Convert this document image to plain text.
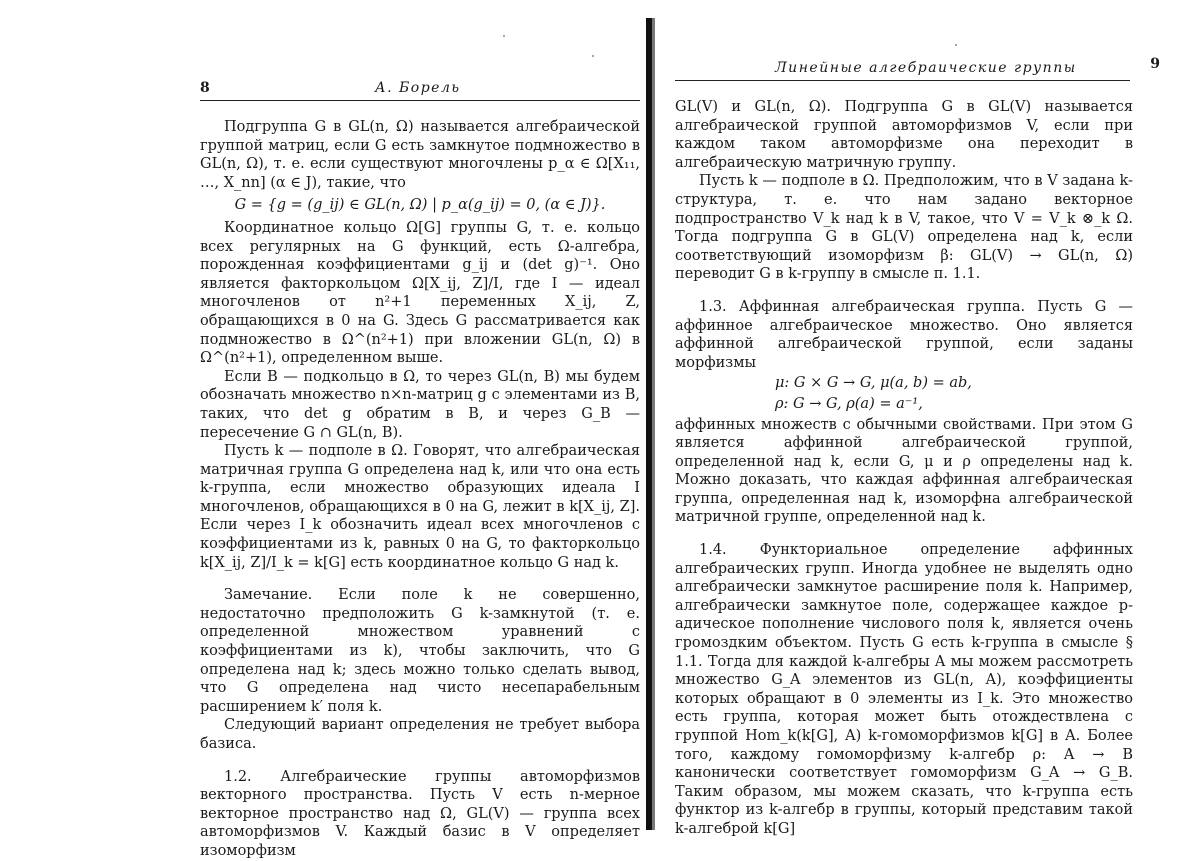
8	А. Борель

Подгруппа G в GL(n, Ω) называется алгебраической группой матриц, если G есть замкнутое подмножество в GL(n, Ω), т. е. если существуют многочлены p_α ∈ Ω[X₁₁, …, X_nn] (α ∈ J), такие, что

G = {g = (g_ij) ∈ GL(n, Ω) | p_α(g_ij) = 0, (α ∈ J)}.

Координатное кольцо Ω[G] группы G, т. е. кольцо всех регулярных на G функций, есть Ω-алгебра, порожденная коэффициентами g_ij и (det g)⁻¹. Оно является факторкольцом Ω[X_ij, Z]/I, где I — идеал многочленов от n²+1 переменных X_ij, Z, обращающихся в 0 на G. Здесь G рассматривается как подмножество в Ω^(n²+1) при вложении GL(n, Ω) в Ω^(n²+1), определенном выше.

Если B — подкольцо в Ω, то через GL(n, B) мы будем обозначать множество n×n-матриц g с элементами из B, таких, что det g обратим в B, и через G_B — пересечение G ∩ GL(n, B).

Пусть k — подполе в Ω. Говорят, что алгебраическая матричная группа G определена над k, или что она есть k-группа, если множество образующих идеала I многочленов, обращающихся в 0 на G, лежит в k[X_ij, Z]. Если через I_k обозначить идеал всех многочленов с коэффициентами из k, равных 0 на G, то факторкольцо k[X_ij, Z]/I_k = k[G] есть координатное кольцо G над k.

Замечание. Если поле k не совершенно, недостаточно предположить G k-замкнутой (т. е. определенной множеством уравнений с коэффициентами из k), чтобы заключить, что G определена над k; здесь можно только сделать вывод, что G определена над чисто несепарабельным расширением k′ поля k.

Следующий вариант определения не требует выбора базиса.

1.2. Алгебраические группы автоморфизмов векторного пространства. Пусть V есть n-мерное векторное пространство над Ω, GL(V) — группа всех автоморфизмов V. Каждый базис в V определяет изоморфизм

Линейные алгебраические группы	9

GL(V) и GL(n, Ω). Подгруппа G в GL(V) называется алгебраической группой автоморфизмов V, если при каждом таком автоморфизме она переходит в алгебраическую матричную группу.

Пусть k — подполе в Ω. Предположим, что в V задана k-структура, т. е. что нам задано векторное подпространство V_k над k в V, такое, что V = V_k ⊗_k Ω. Тогда подгруппа G в GL(V) определена над k, если соответствующий изоморфизм β: GL(V) → GL(n, Ω) переводит G в k-группу в смысле п. 1.1.

1.3. Аффинная алгебраическая группа. Пусть G — аффинное алгебраическое множество. Оно является аффинной алгебраической группой, если заданы морфизмы

μ: G × G → G, μ(a, b) = ab,

ρ: G → G, ρ(a) = a⁻¹,

аффинных множеств с обычными свойствами. При этом G является аффинной алгебраической группой, определенной над k, если G, μ и ρ определены над k. Можно доказать, что каждая аффинная алгебраическая группа, определенная над k, изоморфна алгебраической матричной группе, определенной над k.

1.4. Функториальное определение аффинных алгебраических групп. Иногда удобнее не выделять одно алгебраически замкнутое расширение поля k. Например, алгебраически замкнутое поле, содержащее каждое p-адическое пополнение числового поля k, является очень громоздким объектом. Пусть G есть k-группа в смысле § 1.1. Тогда для каждой k-алгебры A мы можем рассмотреть множество G_A элементов из GL(n, A), коэффициенты которых обращают в 0 элементы из I_k. Это множество есть группа, которая может быть отождествлена с группой Hom_k(k[G], A) k-гомоморфизмов k[G] в A. Более того, каждому гомоморфизму k-алгебр ρ: A → B канонически соответствует гомоморфизм G_A → G_B. Таким образом, мы можем сказать, что k-группа есть функтор из k-алгебр в группы, который представим такой k-алгеброй k[G]
